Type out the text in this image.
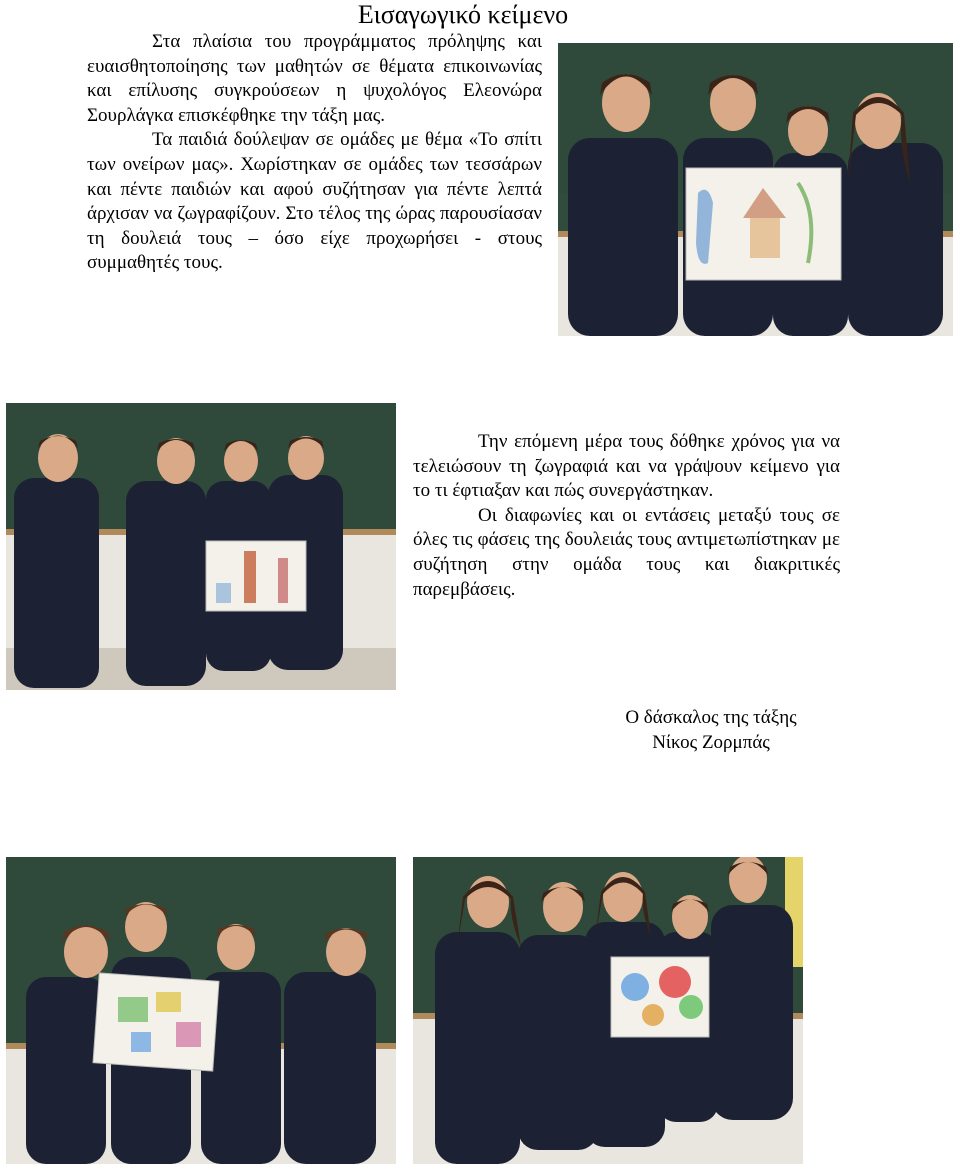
Εισαγωγικό κείμενο

Στα πλαίσια του προγράμματος πρόληψης και ευαισθητοποίησης των μαθητών σε θέματα επικοινωνίας και επίλυσης συγκρούσεων η ψυχολόγος Ελεονώρα Σουρλάγκα επισκέφθηκε την τάξη μας.

Τα παιδιά δούλεψαν σε ομάδες με θέμα «Το σπίτι των ονείρων μας». Χωρίστηκαν σε ομάδες των τεσσάρων και πέντε παιδιών και αφού συζήτησαν για πέντε λεπτά άρχισαν να ζωγραφίζουν. Στο τέλος της ώρας παρουσίασαν τη δουλειά τους – όσο είχε προχωρήσει - στους συμμαθητές τους.

Την επόμενη μέρα τους δόθηκε χρόνος για να τελειώσουν τη ζωγραφιά και να γράψουν κείμενο για το τι έφτιαξαν και πώς συνεργάστηκαν.

Οι διαφωνίες και οι εντάσεις μεταξύ τους σε όλες τις φάσεις της δουλειάς τους αντιμετωπίστηκαν με συζήτηση στην ομάδα τους και διακριτικές παρεμβάσεις.

Ο δάσκαλος της τάξης
Νίκος Ζορμπάς
